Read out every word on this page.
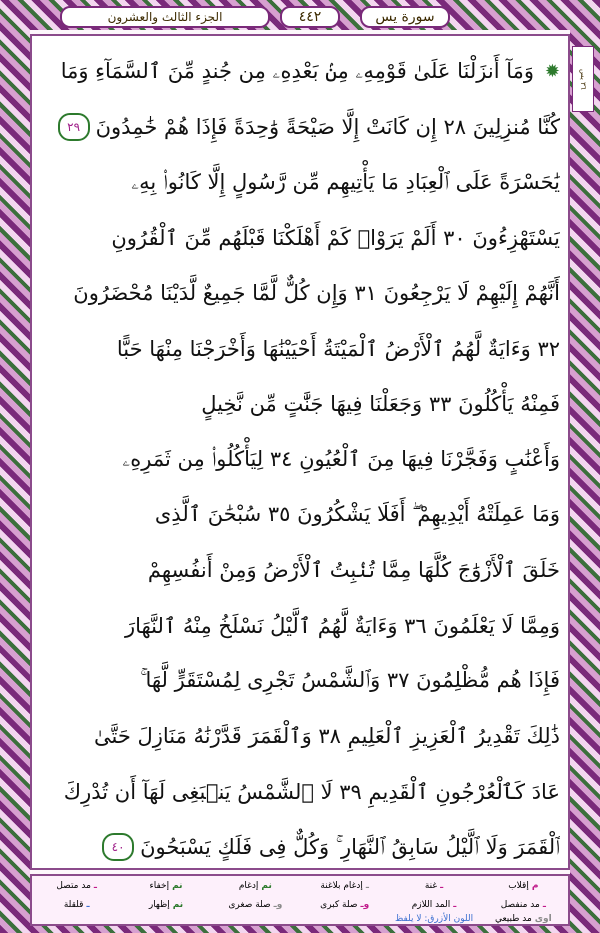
الجزء الثالث والعشرون	٤٤٢	سورة يس
٣٦ يس
✹
وَمَآ أَنزَلْنَا عَلَىٰ قَوْمِهِۦ مِنۢ بَعْدِهِۦ مِن جُندٍ مِّنَ ٱلسَّمَآءِ وَمَا
كُنَّا مُنزِلِينَ ٢٨ إِن كَانَتْ إِلَّا صَيْحَةً وَٰحِدَةً فَإِذَا هُمْ خَٰمِدُونَ
٢٩
يَٰحَسْرَةً عَلَى ٱلْعِبَادِ مَا يَأْتِيهِم مِّن رَّسُولٍ إِلَّا كَانُوا۟ بِهِۦ
يَسْتَهْزِءُونَ ٣٠ أَلَمْ يَرَوْا۟ كَمْ أَهْلَكْنَا قَبْلَهُم مِّنَ ٱلْقُرُونِ
أَنَّهُمْ إِلَيْهِمْ لَا يَرْجِعُونَ ٣١ وَإِن كُلٌّ لَّمَّا جَمِيعٌ لَّدَيْنَا مُحْضَرُونَ
٣٢ وَءَايَةٌ لَّهُمُ ٱلْأَرْضُ ٱلْمَيْتَةُ أَحْيَيْنَٰهَا وَأَخْرَجْنَا مِنْهَا حَبًّا
فَمِنْهُ يَأْكُلُونَ ٣٣ وَجَعَلْنَا فِيهَا جَنَّٰتٍ مِّن نَّخِيلٍ
وَأَعْنَٰبٍ وَفَجَّرْنَا فِيهَا مِنَ ٱلْعُيُونِ ٣٤ لِيَأْكُلُوا۟ مِن ثَمَرِهِۦ
وَمَا عَمِلَتْهُ أَيْدِيهِمْ ۖ أَفَلَا يَشْكُرُونَ ٣٥ سُبْحَٰنَ ٱلَّذِى
خَلَقَ ٱلْأَزْوَٰجَ كُلَّهَا مِمَّا تُنۢبِتُ ٱلْأَرْضُ وَمِنْ أَنفُسِهِمْ
وَمِمَّا لَا يَعْلَمُونَ ٣٦ وَءَايَةٌ لَّهُمُ ٱلَّيْلُ نَسْلَخُ مِنْهُ ٱلنَّهَارَ
فَإِذَا هُم مُّظْلِمُونَ ٣٧ وَٱلشَّمْسُ تَجْرِى لِمُسْتَقَرٍّ لَّهَا ۚ
ذَٰلِكَ تَقْدِيرُ ٱلْعَزِيزِ ٱلْعَلِيمِ ٣٨ وَٱلْقَمَرَ قَدَّرْنَٰهُ مَنَازِلَ حَتَّىٰ
عَادَ كَٱلْعُرْجُونِ ٱلْقَدِيمِ ٣٩ لَا ٱلشَّمْسُ يَنۢبَغِى لَهَآ أَن تُدْرِكَ
ٱلْقَمَرَ وَلَا ٱلَّيْلُ سَابِقُ ٱلنَّهَارِ ۚ وَكُلٌّ فِى فَلَكٍ يَسْبَحُونَ
٤٠
م
إقلاب
ـ
غنة
ـ
إدغام بلاغنة
نم
إدغام
نم
إخفاء
ـ
مد متصل
ـ
مد منفصل
ـ
المد اللازم
وـ
صلة كبرى
وـ
صلة صغرى
نم
إظهار
ـ
قلقلة
اوى
مد طبيعي
اللون الأزرق: لا يلفظ
